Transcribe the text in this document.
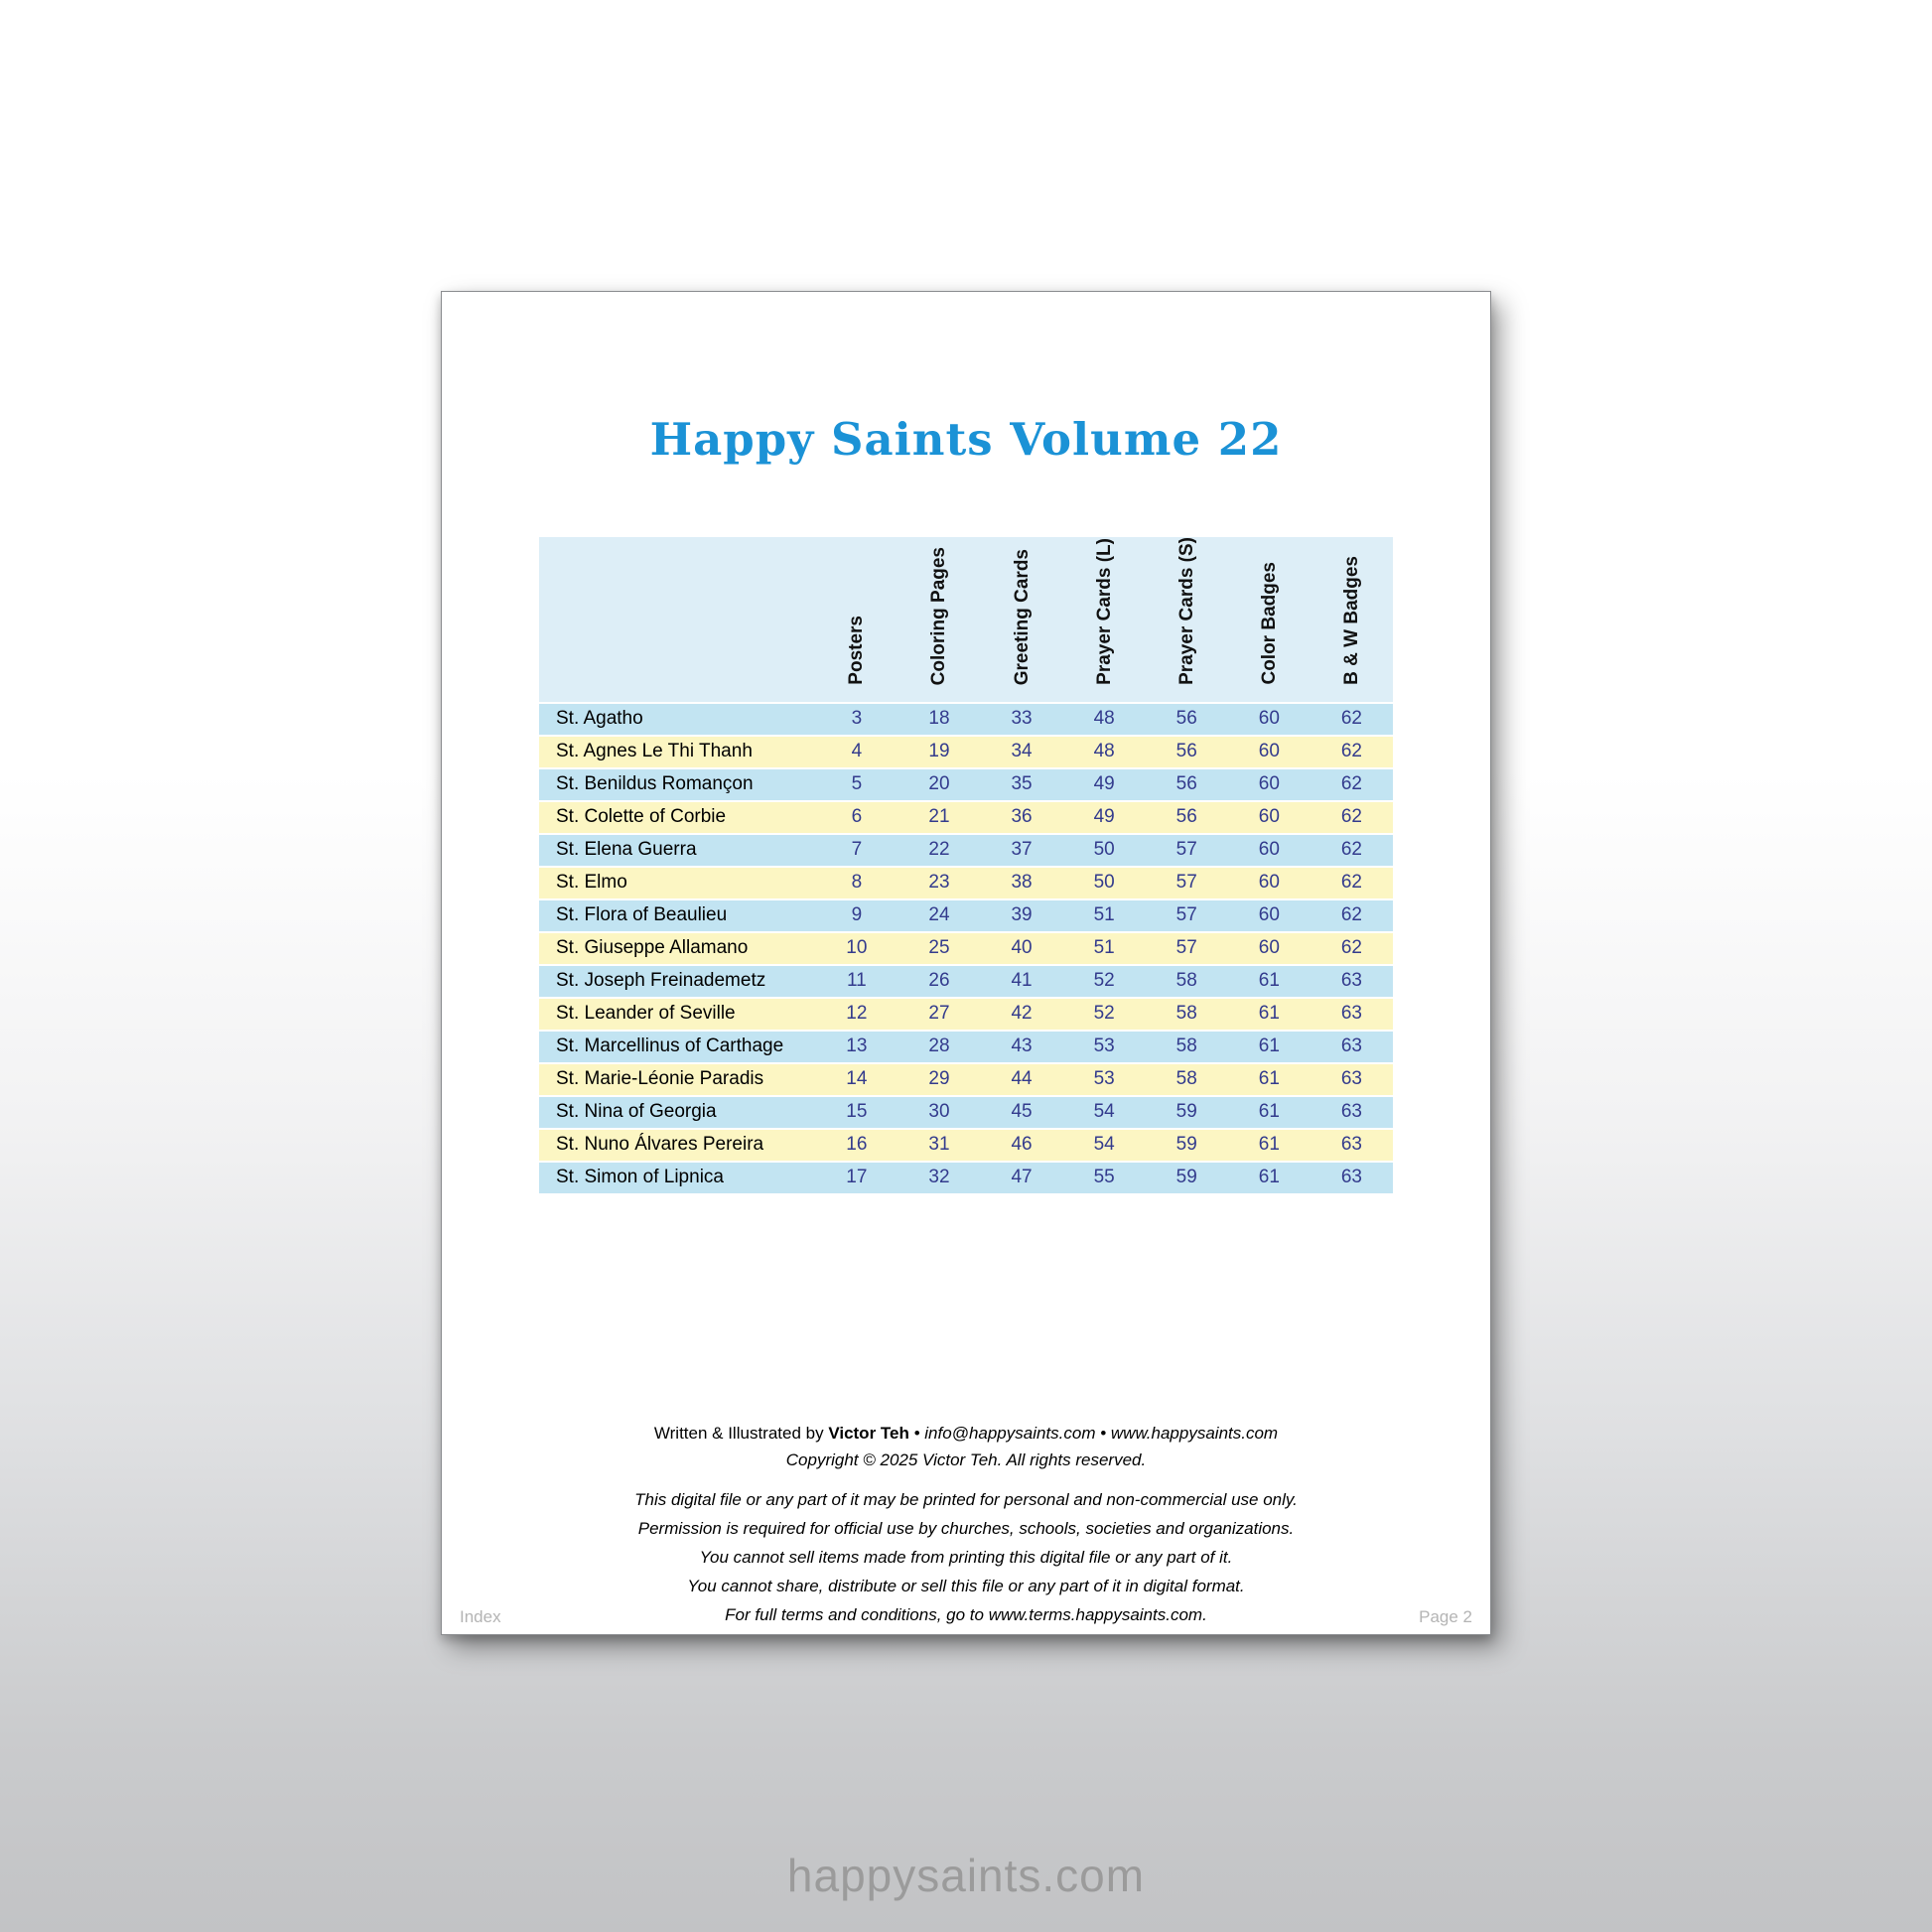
Happy Saints Volume 22
	Posters	Coloring Pages	Greeting Cards	Prayer Cards (L)	Prayer Cards (S)	Color Badges	B & W Badges
St. Agatho	3	18	33	48	56	60	62
St. Agnes Le Thi Thanh	4	19	34	48	56	60	62
St. Benildus Romançon	5	20	35	49	56	60	62
St. Colette of Corbie	6	21	36	49	56	60	62
St. Elena Guerra	7	22	37	50	57	60	62
St. Elmo	8	23	38	50	57	60	62
St. Flora of Beaulieu	9	24	39	51	57	60	62
St. Giuseppe Allamano	10	25	40	51	57	60	62
St. Joseph Freinademetz	11	26	41	52	58	61	63
St. Leander of Seville	12	27	42	52	58	61	63
St. Marcellinus of Carthage	13	28	43	53	58	61	63
St. Marie-Léonie Paradis	14	29	44	53	58	61	63
St. Nina of Georgia	15	30	45	54	59	61	63
St. Nuno Álvares Pereira	16	31	46	54	59	61	63
St. Simon of Lipnica	17	32	47	55	59	61	63
Written & Illustrated by Victor Teh • info@happysaints.com • www.happysaints.com
Copyright © 2025 Victor Teh. All rights reserved.
This digital file or any part of it may be printed for personal and non-commercial use only.
Permission is required for official use by churches, schools, societies and organizations.
You cannot sell items made from printing this digital file or any part of it.
You cannot share, distribute or sell this file or any part of it in digital format.
For full terms and conditions, go to www.terms.happysaints.com.
Index	Page 2
happysaints.com
